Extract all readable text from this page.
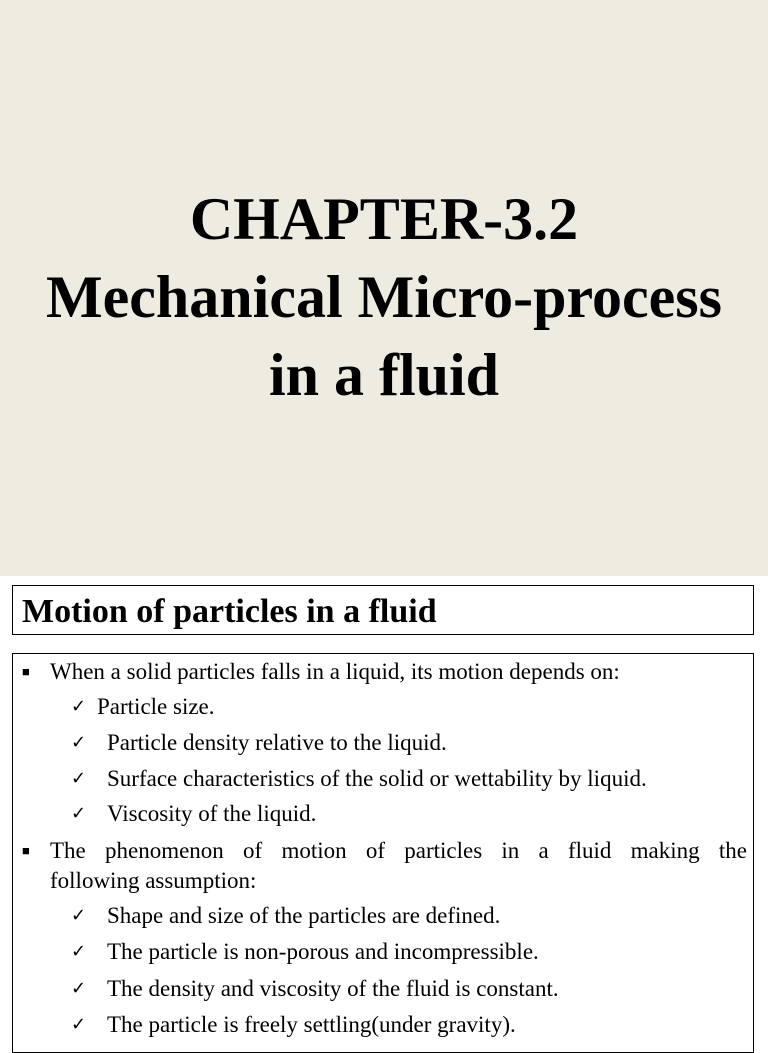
CHAPTER-3.2
Mechanical Micro-process
in a fluid
Motion of particles in a fluid
■ When a solid particles falls in a liquid, its motion depends on:
✓ Particle size.
✓ Particle density relative to the liquid.
✓ Surface characteristics of the solid or wettability by liquid.
✓ Viscosity of the liquid.
■ The phenomenon of motion of particles in a fluid making the
following assumption:
✓ Shape and size of the particles are defined.
✓ The particle is non-porous and incompressible.
✓ The density and viscosity of the fluid is constant.
✓ The particle is freely settling(under gravity).
